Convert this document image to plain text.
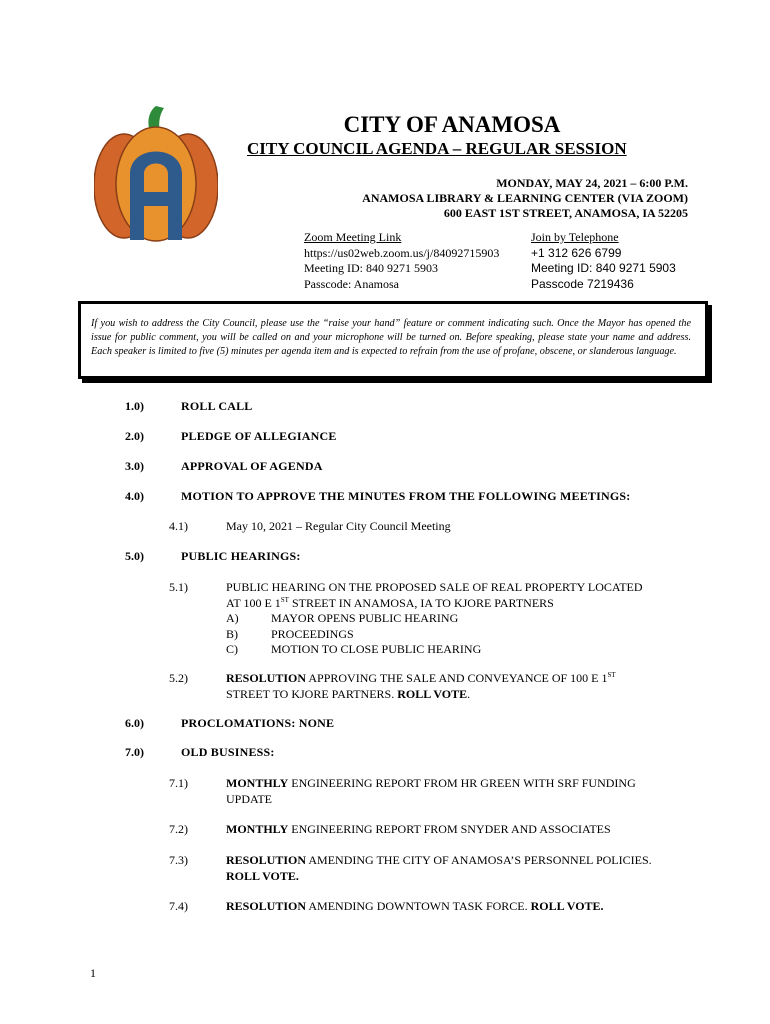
CITY OF ANAMOSA
CITY COUNCIL AGENDA – REGULAR SESSION
MONDAY, MAY 24, 2021 – 6:00 P.M.
ANAMOSA LIBRARY & LEARNING CENTER (VIA ZOOM)
600 EAST 1ST STREET, ANAMOSA, IA 52205
Zoom Meeting Link
https://us02web.zoom.us/j/84092715903
Meeting ID: 840 9271 5903
Passcode: Anamosa
Join by Telephone
+1 312 626 6799
Meeting ID: 840 9271 5903
Passcode 7219436
If you wish to address the City Council, please use the “raise your hand” feature or comment indicating such. Once the Mayor has opened the issue for public comment, you will be called on and your microphone will be turned on. Before speaking, please state your name and address. Each speaker is limited to five (5) minutes per agenda item and is expected to refrain from the use of profane, obscene, or slanderous language.
1.0)	ROLL CALL
2.0)	PLEDGE OF ALLEGIANCE
3.0)	APPROVAL OF AGENDA
4.0)	MOTION TO APPROVE THE MINUTES FROM THE FOLLOWING MEETINGS:
4.1)	May 10, 2021 – Regular City Council Meeting
5.0)	PUBLIC HEARINGS:
5.1)	PUBLIC HEARING ON THE PROPOSED SALE OF REAL PROPERTY LOCATED
AT 100 E 1ST STREET IN ANAMOSA, IA TO KJORE PARTNERS
A)	MAYOR OPENS PUBLIC HEARING
B)	PROCEEDINGS
C)	MOTION TO CLOSE PUBLIC HEARING
5.2)	RESOLUTION APPROVING THE SALE AND CONVEYANCE OF 100 E 1ST
STREET TO KJORE PARTNERS. ROLL VOTE.
6.0)	PROCLOMATIONS: NONE
7.0)	OLD BUSINESS:
7.1)	MONTHLY ENGINEERING REPORT FROM HR GREEN WITH SRF FUNDING
UPDATE
7.2)	MONTHLY ENGINEERING REPORT FROM SNYDER AND ASSOCIATES
7.3)	RESOLUTION AMENDING THE CITY OF ANAMOSA’S PERSONNEL POLICIES.
ROLL VOTE.
7.4)	RESOLUTION AMENDING DOWNTOWN TASK FORCE. ROLL VOTE.
1
